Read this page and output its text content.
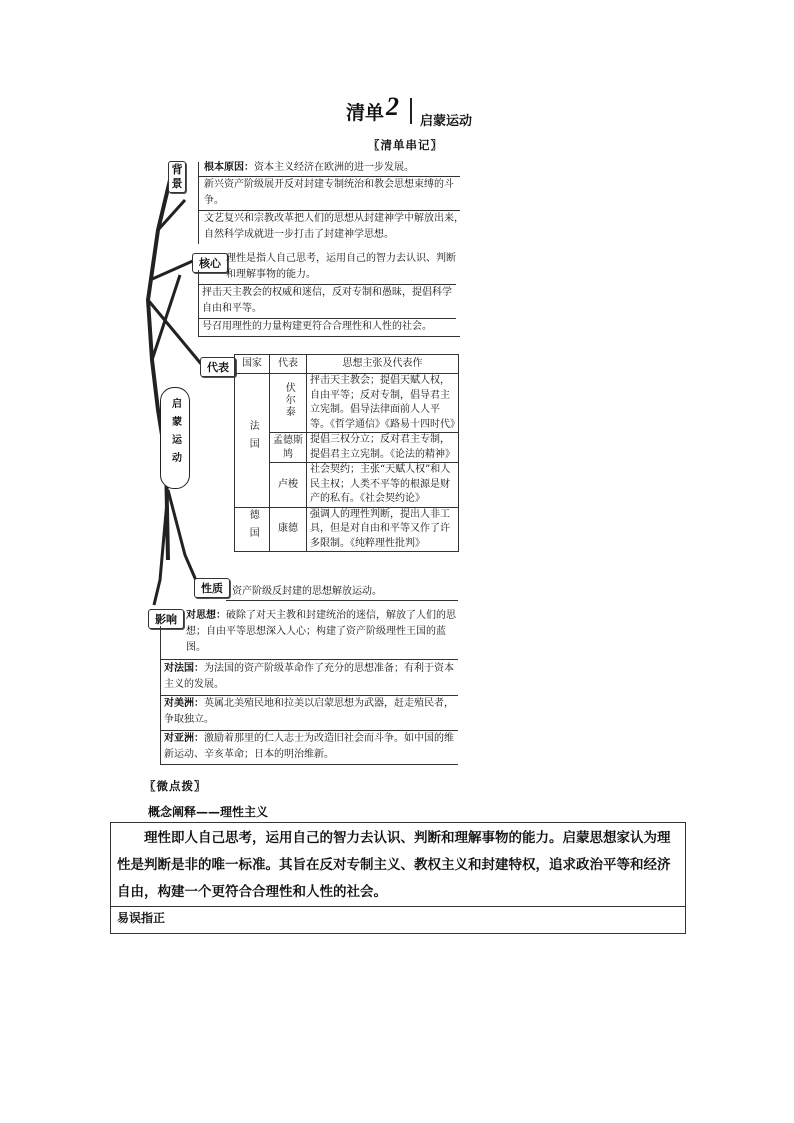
清单 2
启蒙运动
〖清单串记〗
启蒙运动
背景
根本原因：资本主义经济在欧洲的进一步发展。
新兴资产阶级展开反对封建专制统治和教会思想束缚的斗争。
文艺复兴和宗教改革把人们的思想从封建神学中解放出来，自然科学成就进一步打击了封建神学思想。
核心 理性是指人自己思考，运用自己的智力去认识、判断和理解事物的能力。
抨击天主教会的权威和迷信，反对专制和愚昧，提倡科学自由和平等。
号召用理性的力量构建更符合合理性和人性的社会。
代表	国家	代表	思想主张及代表作
法国	伏尔泰	抨击天主教会；提倡天赋人权，自由平等；反对专制，倡导君主立宪制。倡导法律面前人人平等。《哲学通信》《路易十四时代》
	孟德斯鸠	提倡三权分立；反对君主专制，提倡君主立宪制。《论法的精神》
	卢梭	社会契约；主张“天赋人权”和人民主权；人类不平等的根源是财产的私有。《社会契约论》
德国	康德	强调人的理性判断，提出人非工具，但是对自由和平等又作了许多限制。《纯粹理性批判》
性质 资产阶级反封建的思想解放运动。
影响 对思想：破除了对天主教和封建统治的迷信，解放了人们的思想；自由平等思想深入人心；构建了资产阶级理性王国的蓝图。
对法国：为法国的资产阶级革命作了充分的思想准备；有利于资本主义的发展。
对美洲：英属北美殖民地和拉美以启蒙思想为武器，赶走殖民者，争取独立。
对亚洲：激励着那里的仁人志士为改造旧社会而斗争。如中国的维新运动、辛亥革命；日本的明治维新。
〖微点拨〗
概念阐释——理性主义
理性即人自己思考，运用自己的智力去认识、判断和理解事物的能力。启蒙思想家认为理性是判断是非的唯一标准。其旨在反对专制主义、教权主义和封建特权，追求政治平等和经济自由，构建一个更符合合理性和人性的社会。
易误指正
